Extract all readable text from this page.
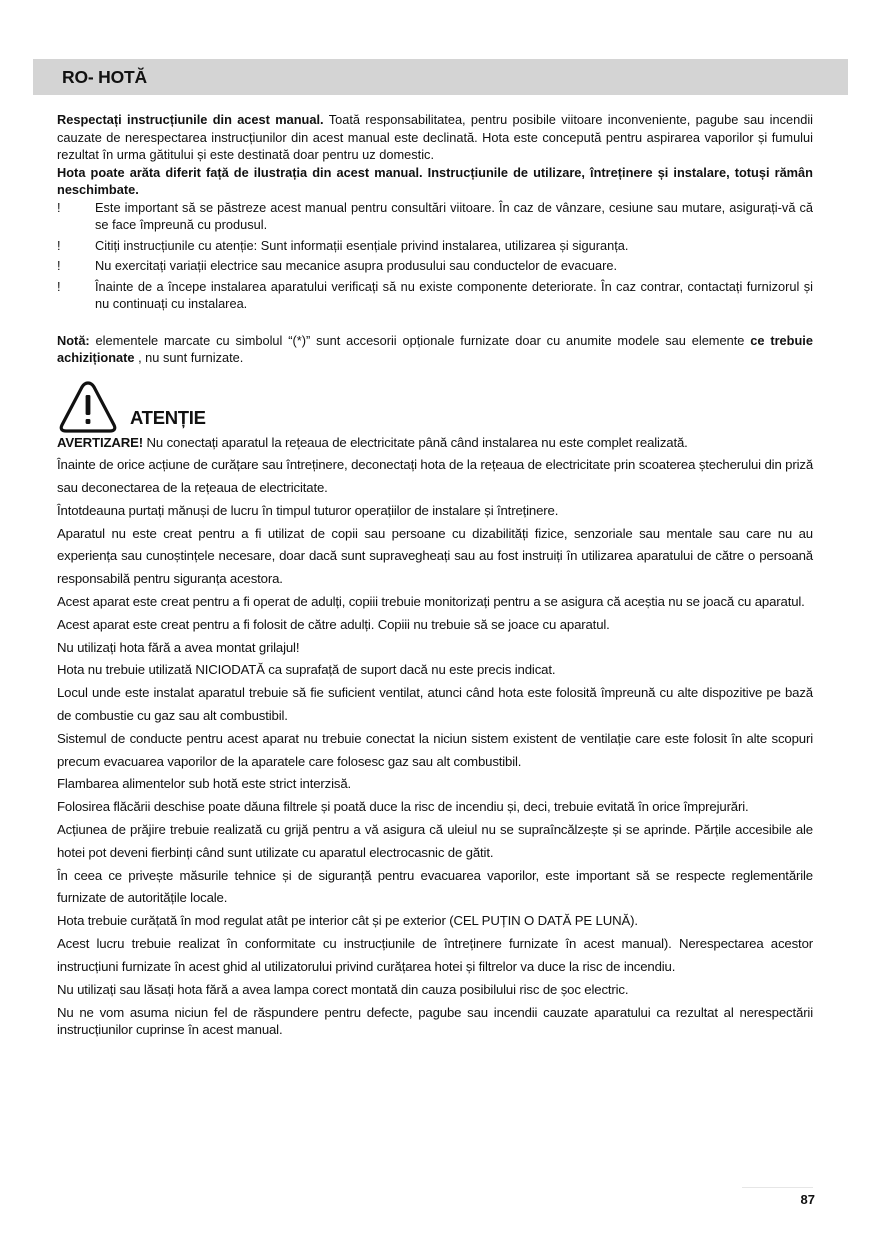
RO- HOTĂ

Respectați instrucțiunile din acest manual. Toată responsabilitatea, pentru posibile viitoare inconveniente, pagube sau incendii cauzate de nerespectarea instrucțiunilor din acest manual este declinată. Hota este concepută pentru aspirarea vaporilor și fumului rezultat în urma gătitului și este destinată doar pentru uz domestic.

Hota poate arăta diferit față de ilustrația din acest manual. Instrucțiunile de utilizare, întreținere și instalare, totuși rămân neschimbate.

!	Este important să se păstreze acest manual pentru consultări viitoare. În caz de vânzare, cesiune sau mutare, asigurați-vă că se face împreună cu produsul.
!	Citiți instrucțiunile cu atenție: Sunt informații esențiale privind instalarea, utilizarea și siguranța.
!	Nu exercitați variații electrice sau mecanice asupra produsului sau conductelor de evacuare.
!	Înainte de a începe instalarea aparatului verificați să nu existe componente deteriorate. În caz contrar, contactați furnizorul și nu continuați cu instalarea.

Notă: elementele marcate cu simbolul “(*)” sunt accesorii opționale furnizate doar cu anumite modele sau elemente ce trebuie achiziționate , nu sunt furnizate.

ATENȚIE

AVERTIZARE! Nu conectați aparatul la rețeaua de electricitate până când instalarea nu este complet realizată.

Înainte de orice acțiune de curățare sau întreținere, deconectați hota de la rețeaua de electricitate prin scoaterea ștecherului din priză sau deconectarea de la rețeaua de electricitate.

Întotdeauna purtați mănuși de lucru în timpul tuturor operațiilor de instalare și întreținere.

Aparatul nu este creat pentru a fi utilizat de copii sau persoane cu dizabilități fizice, senzoriale sau mentale sau care nu au experiența sau cunoștințele necesare, doar dacă sunt supravegheați sau au fost instruiți în utilizarea aparatului de către o persoană responsabilă pentru siguranța acestora.

Acest aparat este creat pentru a fi operat de adulți, copiii trebuie monitorizați pentru a se asigura că aceștia nu se joacă cu aparatul.

Acest aparat este creat pentru a fi folosit de către adulți. Copiii nu trebuie să se joace cu aparatul.

Nu utilizați hota fără a avea montat grilajul!

Hota nu trebuie utilizată NICIODATĂ ca suprafață de suport dacă nu este precis indicat.

Locul unde este instalat aparatul trebuie să fie suficient ventilat, atunci când hota este folosită împreună cu alte dispozitive pe bază de combustie cu gaz sau alt combustibil.

Sistemul de conducte pentru acest aparat nu trebuie conectat la niciun sistem existent de ventilație care este folosit în alte scopuri precum evacuarea vaporilor de la aparatele care folosesc gaz sau alt combustibil.

Flambarea alimentelor sub hotă este strict interzisă.

Folosirea flăcării deschise poate dăuna filtrele și poată duce la risc de incendiu și, deci, trebuie evitată în orice împrejurări.

Acțiunea de prăjire trebuie realizată cu grijă pentru a vă asigura că uleiul nu se supraîncălzește și se aprinde. Părțile accesibile ale hotei pot deveni fierbinți când sunt utilizate cu aparatul electrocasnic de gătit.

În ceea ce privește măsurile tehnice și de siguranță pentru evacuarea vaporilor, este important să se respecte reglementările furnizate de autoritățile locale.

Hota trebuie curățată în mod regulat atât pe interior cât și pe exterior (CEL PUȚIN O DATĂ PE LUNĂ).

Acest lucru trebuie realizat în conformitate cu instrucțiunile de întreținere furnizate în acest manual). Nerespectarea acestor instrucțiuni furnizate în acest ghid al utilizatorului privind curățarea hotei și filtrelor va duce la risc de incendiu.

Nu utilizați sau lăsați hota fără a avea lampa corect montată din cauza posibilului risc de șoc electric.

Nu ne vom asuma niciun fel de răspundere pentru defecte, pagube sau incendii cauzate aparatului ca rezultat al nerespectării instrucțiunilor cuprinse în acest manual.

87
